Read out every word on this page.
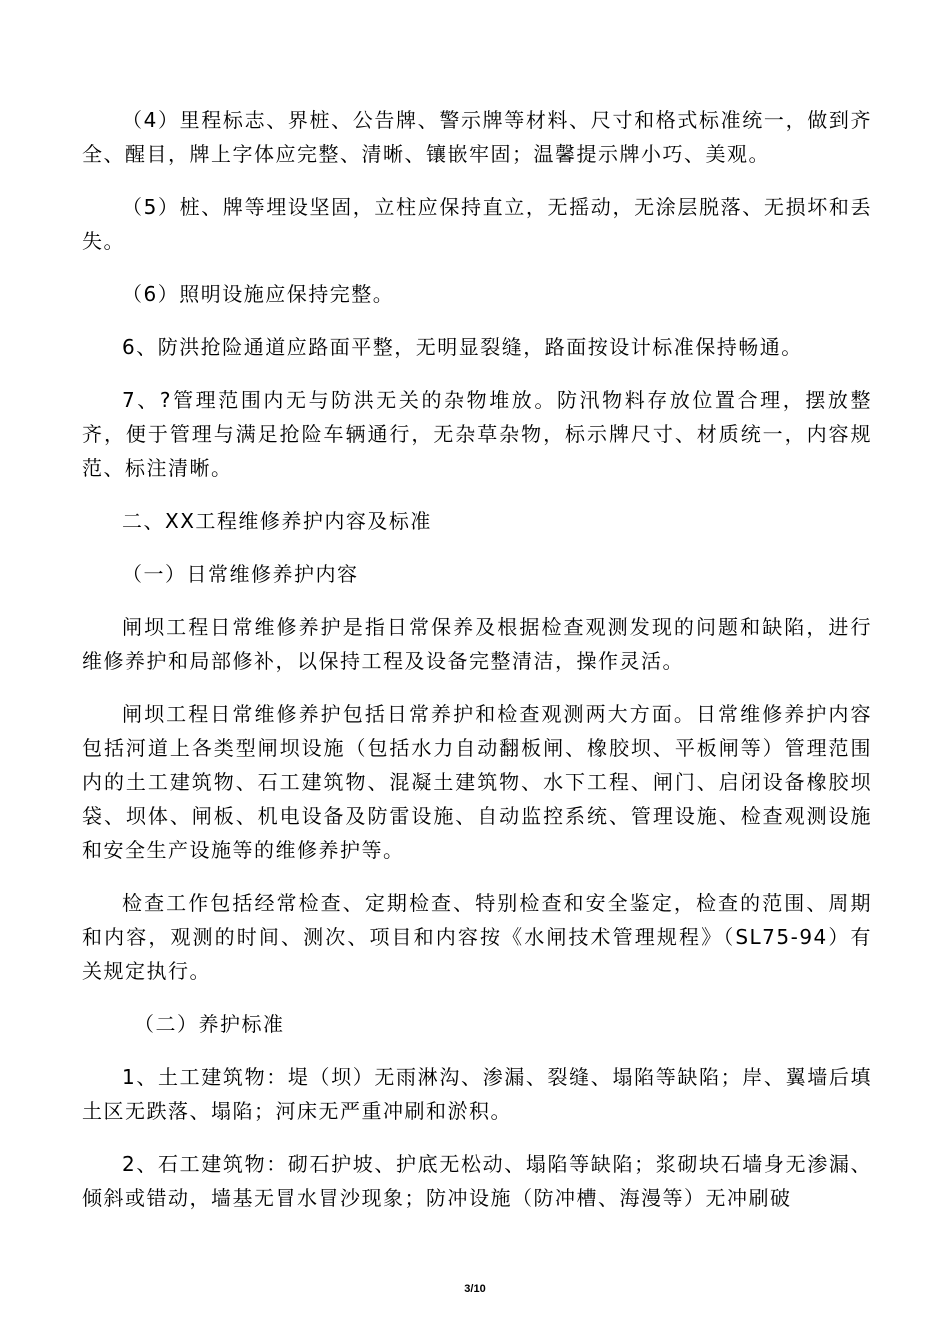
（4）里程标志、界桩、公告牌、警示牌等材料、尺寸和格式标准统一，做到齐全、醒目，牌上字体应完整、清晰、镶嵌牢固；温馨提示牌小巧、美观。

（5）桩、牌等埋设坚固，立柱应保持直立，无摇动，无涂层脱落、无损坏和丢失。

（6）照明设施应保持完整。

6、防洪抢险通道应路面平整，无明显裂缝，路面按设计标准保持畅通。

7、?管理范围内无与防洪无关的杂物堆放。防汛物料存放位置合理，摆放整齐，便于管理与满足抢险车辆通行，无杂草杂物，标示牌尺寸、材质统一，内容规范、标注清晰。

二、XX工程维修养护内容及标准

（一）日常维修养护内容

闸坝工程日常维修养护是指日常保养及根据检查观测发现的问题和缺陷，进行维修养护和局部修补，以保持工程及设备完整清洁，操作灵活。

闸坝工程日常维修养护包括日常养护和检查观测两大方面。日常维修养护内容包括河道上各类型闸坝设施（包括水力自动翻板闸、橡胶坝、平板闸等）管理范围内的土工建筑物、石工建筑物、混凝土建筑物、水下工程、闸门、启闭设备橡胶坝袋、坝体、闸板、机电设备及防雷设施、自动监控系统、管理设施、检查观测设施和安全生产设施等的维修养护等。

检查工作包括经常检查、定期检查、特别检查和安全鉴定，检查的范围、周期和内容，观测的时间、测次、项目和内容按《水闸技术管理规程》（SL75-94）有关规定执行。

（二）养护标准

1、土工建筑物：堤（坝）无雨淋沟、渗漏、裂缝、塌陷等缺陷；岸、翼墙后填土区无跌落、塌陷；河床无严重冲刷和淤积。

2、石工建筑物：砌石护坡、护底无松动、塌陷等缺陷；浆砌块石墙身无渗漏、倾斜或错动，墙基无冒水冒沙现象；防冲设施（防冲槽、海漫等）无冲刷破

3/10
